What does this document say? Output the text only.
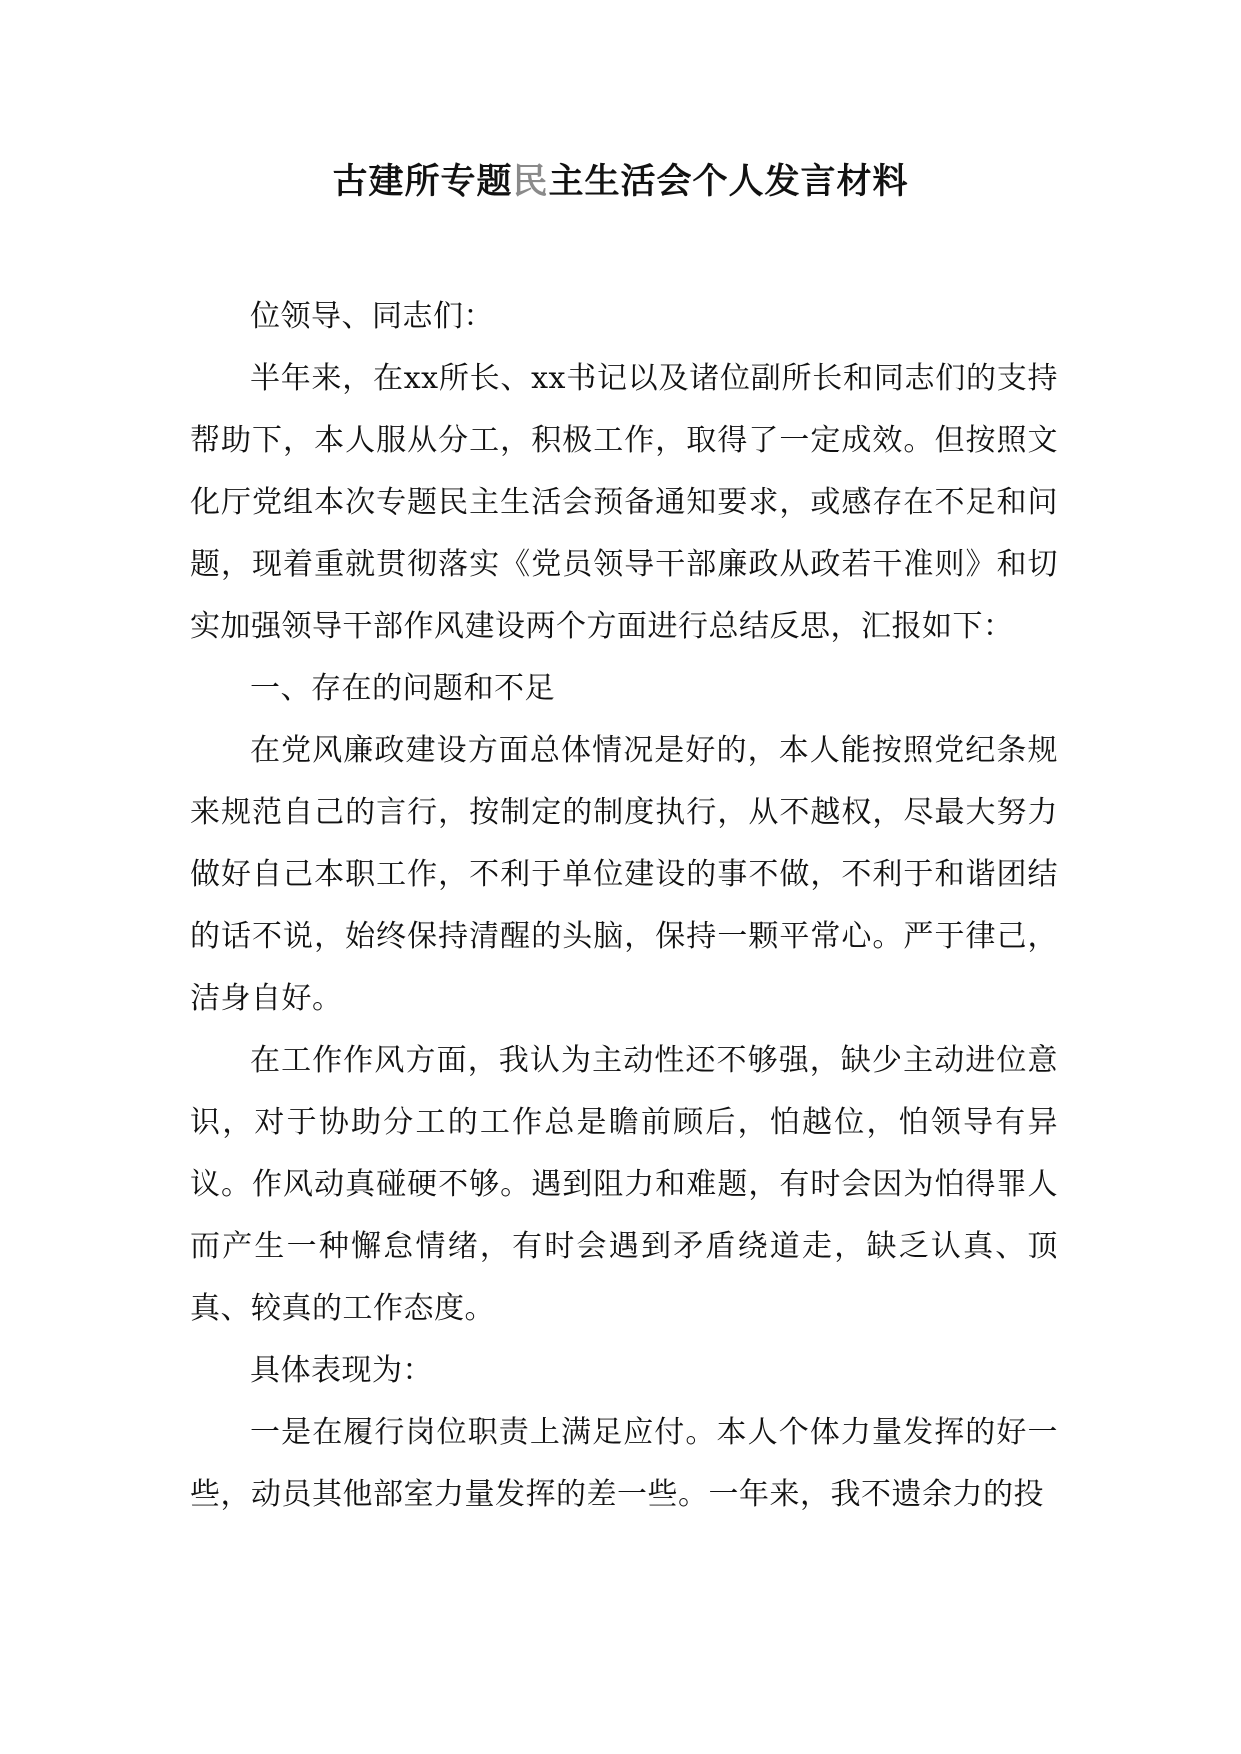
古建所专题民主生活会个人发言材料

位领导、同志们：

半年来，在xx所长、xx书记以及诸位副所长和同志们的支持帮助下，本人服从分工，积极工作，取得了一定成效。但按照文化厅党组本次专题民主生活会预备通知要求，或感存在不足和问题，现着重就贯彻落实《党员领导干部廉政从政若干准则》和切实加强领导干部作风建设两个方面进行总结反思，汇报如下：

一、存在的问题和不足

在党风廉政建设方面总体情况是好的，本人能按照党纪条规来规范自己的言行，按制定的制度执行，从不越权，尽最大努力做好自己本职工作，不利于单位建设的事不做，不利于和谐团结的话不说，始终保持清醒的头脑，保持一颗平常心。严于律己，洁身自好。

在工作作风方面，我认为主动性还不够强，缺少主动进位意识，对于协助分工的工作总是瞻前顾后，怕越位，怕领导有异议。作风动真碰硬不够。遇到阻力和难题，有时会因为怕得罪人而产生一种懈怠情绪，有时会遇到矛盾绕道走，缺乏认真、顶真、较真的工作态度。

具体表现为：

一是在履行岗位职责上满足应付。本人个体力量发挥的好一些，动员其他部室力量发挥的差一些。一年来，我不遗余力的投
